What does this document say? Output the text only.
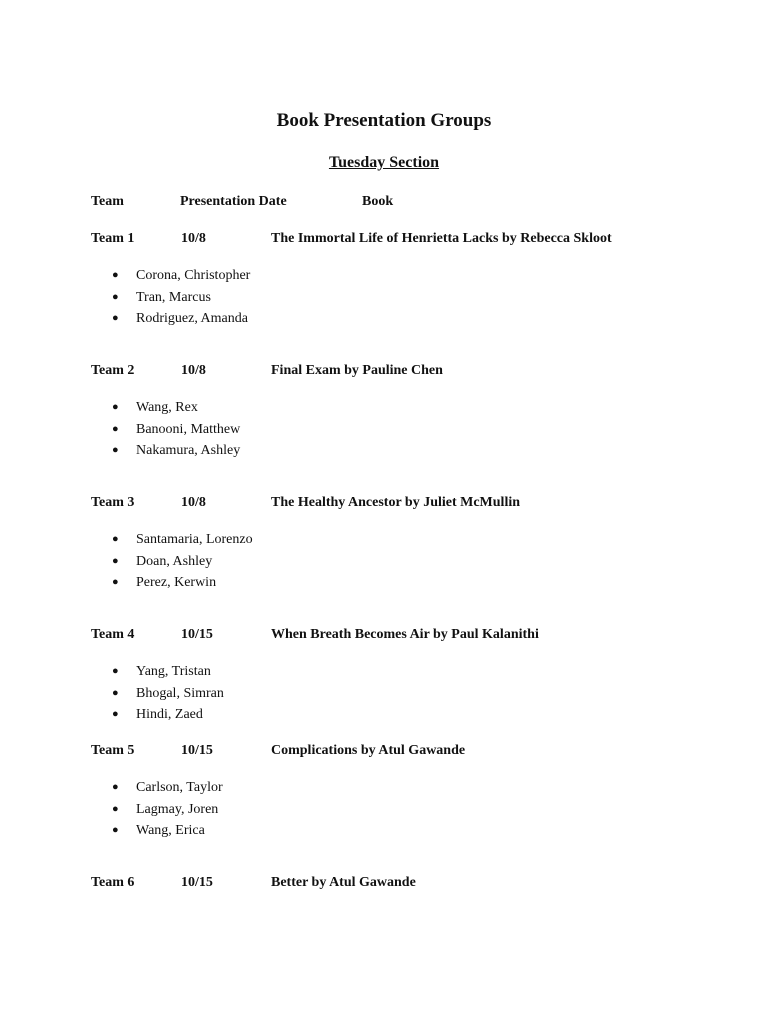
Book Presentation Groups
Tuesday Section
Team	Presentation Date	Book
Team 1	10/8	The Immortal Life of Henrietta Lacks by Rebecca Skloot
● Corona, Christopher
● Tran, Marcus
● Rodriguez, Amanda
Team 2	10/8	Final Exam by Pauline Chen
● Wang, Rex
● Banooni, Matthew
● Nakamura, Ashley
Team 3	10/8	The Healthy Ancestor by Juliet McMullin
● Santamaria, Lorenzo
● Doan, Ashley
● Perez, Kerwin
Team 4	10/15	When Breath Becomes Air by Paul Kalanithi
● Yang, Tristan
● Bhogal, Simran
● Hindi, Zaed
Team 5	10/15	Complications by Atul Gawande
● Carlson, Taylor
● Lagmay, Joren
● Wang, Erica
Team 6	10/15	Better by Atul Gawande
